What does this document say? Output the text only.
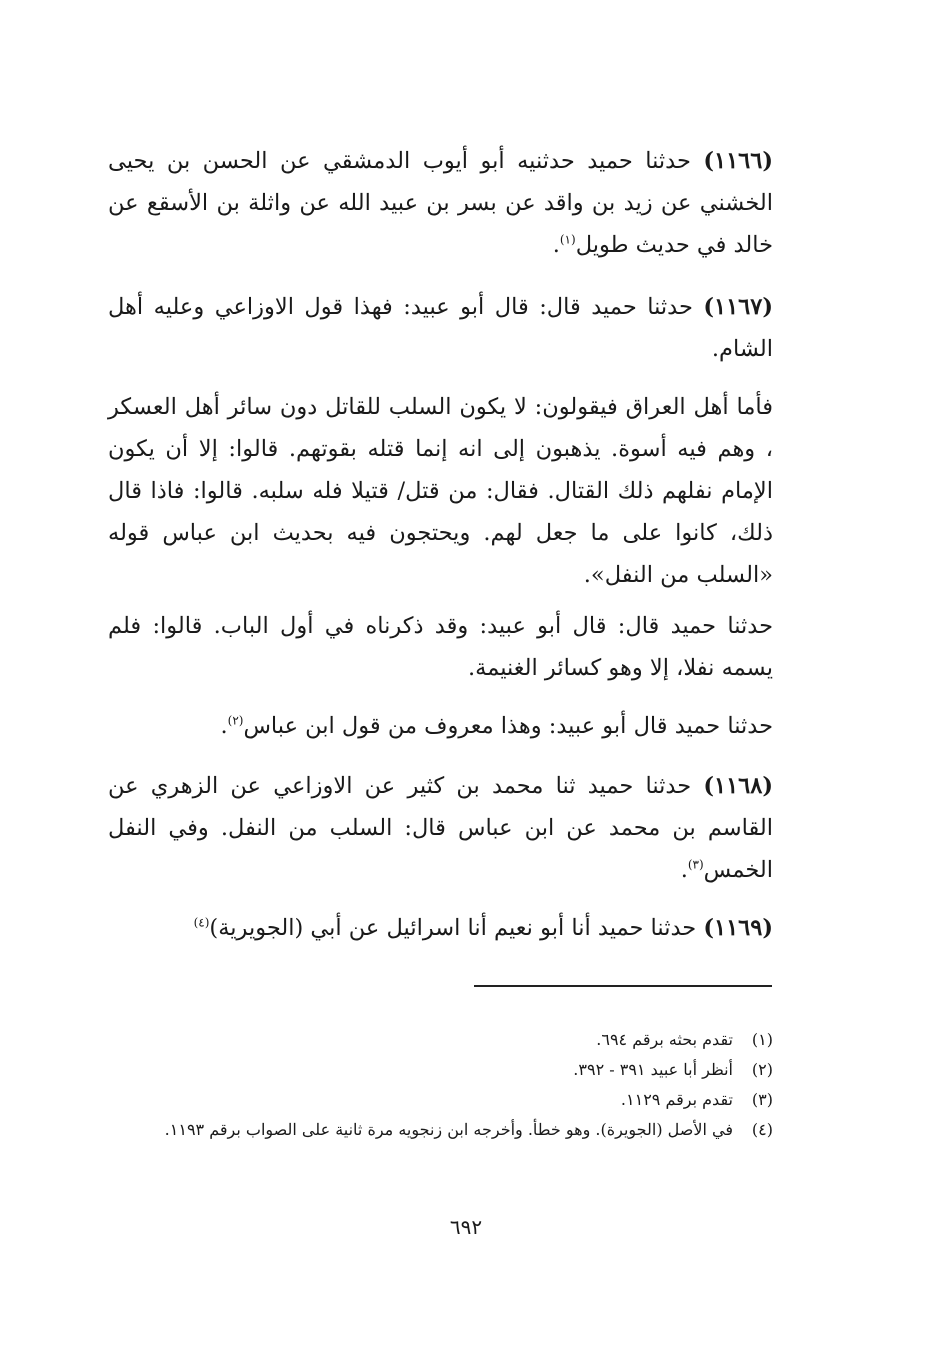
(١١٦٦) حدثنا حميد حدثنيه أبو أيوب الدمشقي عن الحسن بن يحيى الخشني عن زيد بن واقد عن بسر بن عبيد الله عن واثلة بن الأسقع عن خالد في حديث طويل$^{(١)}$.
(١١٦٧) حدثنا حميد قال: قال أبو عبيد: فهذا قول الاوزاعي وعليه أهل الشام.
فأما أهل العراق فيقولون: لا يكون السلب للقاتل دون سائر أهل العسكر ، وهم فيه أسوة. يذهبون إلى انه إنما قتله بقوتهم. قالوا: إلا أن يكون الإمام نفلهم ذلك القتال. فقال: من قتل/ قتيلا فله سلبه. قالوا: فاذا قال ذلك، كانوا على ما جعل لهم. ويحتجون فيه بحديث ابن عباس قوله «السلب من النفل».
حدثنا حميد قال: قال أبو عبيد: وقد ذكرناه في أول الباب. قالوا: فلم يسمه نفلا، إلا وهو كسائر الغنيمة.
حدثنا حميد قال أبو عبيد: وهذا معروف من قول ابن عباس$^{(٢)}$.
(١١٦٨) حدثنا حميد ثنا محمد بن كثير عن الاوزاعي عن الزهري عن القاسم بن محمد عن ابن عباس قال: السلب من النفل. وفي النفل الخمس$^{(٣)}$.
(١١٦٩) حدثنا حميد أنا أبو نعيم أنا اسرائيل عن أبي (الجويرية)$^{(٤)}$
(١)
تقدم بحثه برقم ٦٩٤.
(٢)
أنظر أبا عبيد ٣٩١ - ٣٩٢.
(٣)
تقدم برقم ١١٢٩.
(٤)
في الأصل (الجويرة). وهو خطأ. وأخرجه ابن زنجويه مرة ثانية على الصواب برقم ١١٩٣.
٦٩٢
